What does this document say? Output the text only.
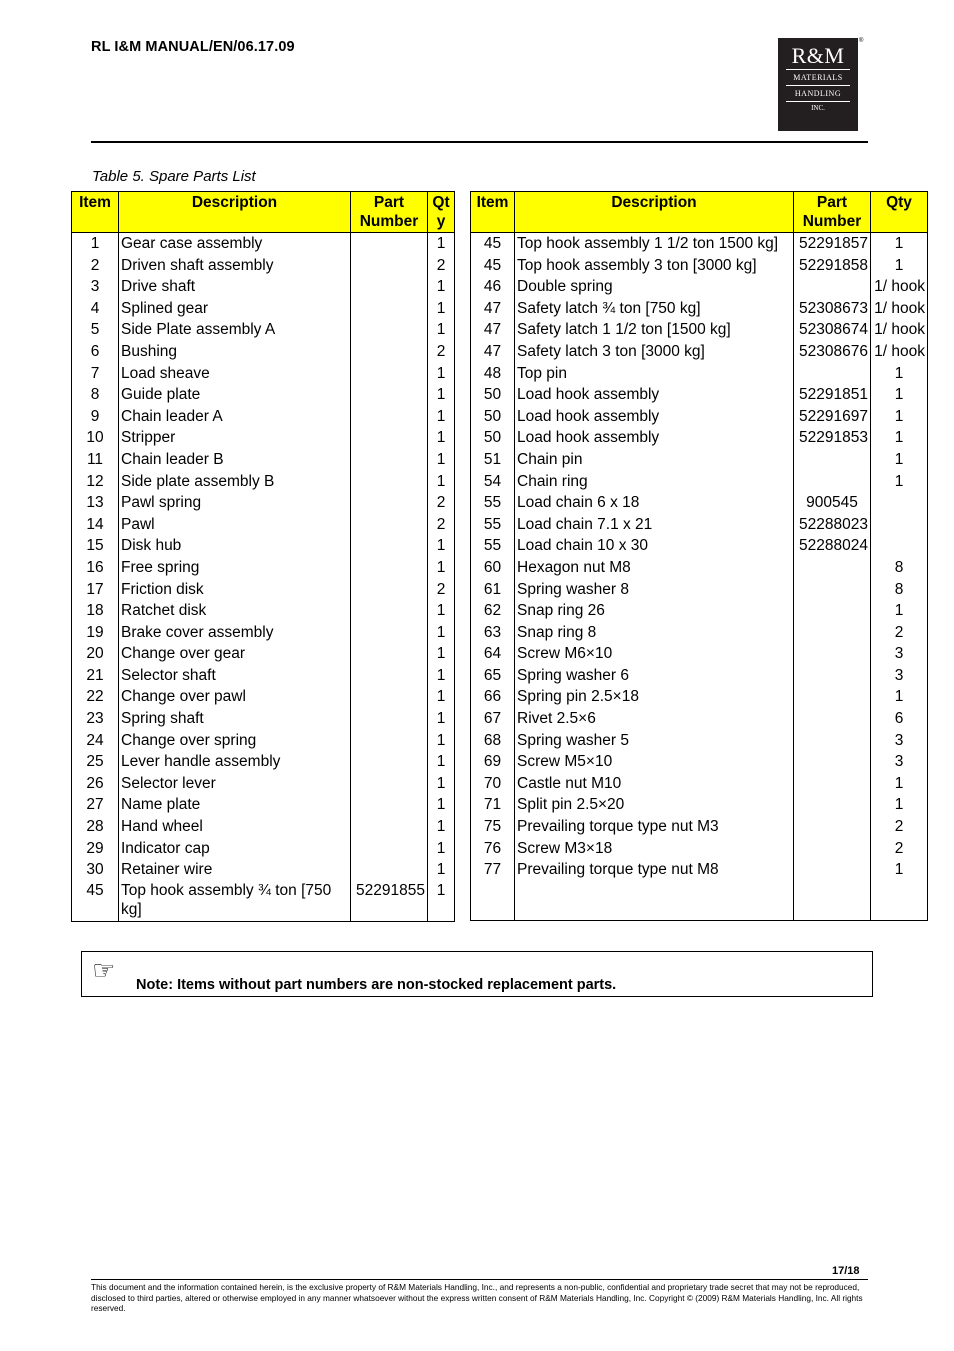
RL I&M MANUAL/EN/06.17.09	R&M
MATERIALS
HANDLING
INC.
®
Table 5. Spare Parts List
Item	Description	Part Number	Qty
1	Gear case assembly		1
2	Driven shaft assembly		2
3	Drive shaft		1
4	Splined gear		1
5	Side Plate assembly A		1
6	Bushing		2
7	Load sheave		1
8	Guide plate		1
9	Chain leader A		1
10	Stripper		1
11	Chain leader B		1
12	Side plate assembly B		1
13	Pawl spring		2
14	Pawl		2
15	Disk hub		1
16	Free spring		1
17	Friction disk		2
18	Ratchet disk		1
19	Brake cover assembly		1
20	Change over gear		1
21	Selector shaft		1
22	Change over pawl		1
23	Spring shaft		1
24	Change over spring		1
25	Lever handle assembly		1
26	Selector lever		1
27	Name plate		1
28	Hand wheel		1
29	Indicator cap		1
30	Retainer wire		1
45	Top hook assembly ¾ ton [750 kg]	52291855	1
Item	Description	Part Number	Qty
45	Top hook assembly 1 1/2 ton 1500 kg]	52291857	1
45	Top hook assembly 3 ton [3000 kg]	52291858	1
46	Double spring		1/ hook
47	Safety latch ¾ ton [750 kg]	52308673	1/ hook
47	Safety latch 1 1/2 ton [1500 kg]	52308674	1/ hook
47	Safety latch 3 ton [3000 kg]	52308676	1/ hook
48	Top pin		1
50	Load hook assembly	52291851	1
50	Load hook assembly	52291697	1
50	Load hook assembly	52291853	1
51	Chain pin		1
54	Chain ring		1
55	Load chain 6 x 18	900545	
55	Load chain 7.1 x 21	52288023	
55	Load chain 10 x 30	52288024	
60	Hexagon nut M8		8
61	Spring washer 8		8
62	Snap ring 26		1
63	Snap ring 8		2
64	Screw M6×10		3
65	Spring washer 6		3
66	Spring pin 2.5×18		1
67	Rivet 2.5×6		6
68	Spring washer 5		3
69	Screw M5×10		3
70	Castle nut M10		1
71	Split pin 2.5×20		1
75	Prevailing torque type nut M3		2
76	Screw M3×18		2
77	Prevailing torque type nut M8		1

☞ Note: Items without part numbers are non-stocked replacement parts.
17/18
This document and the information contained herein, is the exclusive property of R&M Materials Handling, Inc., and represents a non-public, confidential and proprietary trade secret that may not be reproduced, disclosed to third parties, altered or otherwise employed in any manner whatsoever without the express written consent of R&M Materials Handling, Inc. Copyright © (2009) R&M Materials Handling, Inc. All rights reserved.
